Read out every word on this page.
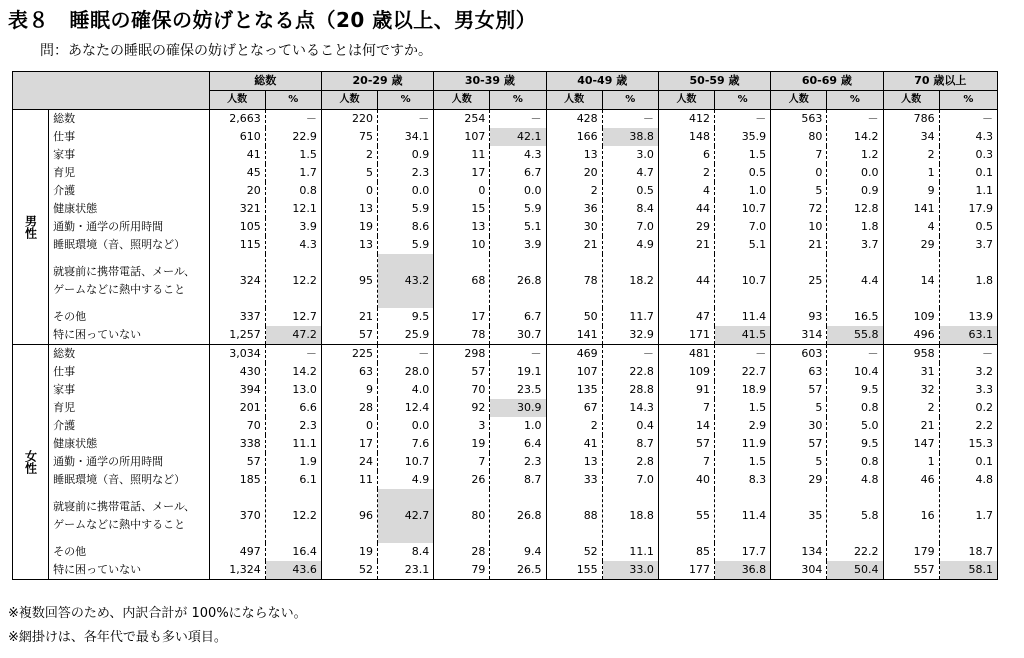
表８　睡眠の確保の妨げとなる点（20 歳以上、男女別）
問：あなたの睡眠の確保の妨げとなっていることは何ですか。
		総数		20-29 歳		30-39 歳		40-49 歳		50-59 歳		60-69 歳		70 歳以上	
		人数	%	人数	%	人数	%	人数	%	人数	%	人数	%	人数	%
男性	総数	2,663	－	220	－	254	－	428	－	412	－	563	－	786	－
	仕事	610	22.9	75	34.1	107	42.1	166	38.8	148	35.9	80	14.2	34	4.3
	家事	41	1.5	2	0.9	11	4.3	13	3.0	6	1.5	7	1.2	2	0.3
	育児	45	1.7	5	2.3	17	6.7	20	4.7	2	0.5	0	0.0	1	0.1
	介護	20	0.8	0	0.0	0	0.0	2	0.5	4	1.0	5	0.9	9	1.1
	健康状態	321	12.1	13	5.9	15	5.9	36	8.4	44	10.7	72	12.8	141	17.9
	通勤・通学の所用時間	105	3.9	19	8.6	13	5.1	30	7.0	29	7.0	10	1.8	4	0.5
	睡眠環境（音、照明など）	115	4.3	13	5.9	10	3.9	21	4.9	21	5.1	21	3.7	29	3.7
	就寝前に携帯電話、メール、ゲームなどに熱中すること	324	12.2	95	43.2	68	26.8	78	18.2	44	10.7	25	4.4	14	1.8
	その他	337	12.7	21	9.5	17	6.7	50	11.7	47	11.4	93	16.5	109	13.9
	特に困っていない	1,257	47.2	57	25.9	78	30.7	141	32.9	171	41.5	314	55.8	496	63.1
女性	総数	3,034	－	225	－	298	－	469	－	481	－	603	－	958	－
	仕事	430	14.2	63	28.0	57	19.1	107	22.8	109	22.7	63	10.4	31	3.2
	家事	394	13.0	9	4.0	70	23.5	135	28.8	91	18.9	57	9.5	32	3.3
	育児	201	6.6	28	12.4	92	30.9	67	14.3	7	1.5	5	0.8	2	0.2
	介護	70	2.3	0	0.0	3	1.0	2	0.4	14	2.9	30	5.0	21	2.2
	健康状態	338	11.1	17	7.6	19	6.4	41	8.7	57	11.9	57	9.5	147	15.3
	通勤・通学の所用時間	57	1.9	24	10.7	7	2.3	13	2.8	7	1.5	5	0.8	1	0.1
	睡眠環境（音、照明など）	185	6.1	11	4.9	26	8.7	33	7.0	40	8.3	29	4.8	46	4.8
	就寝前に携帯電話、メール、ゲームなどに熱中すること	370	12.2	96	42.7	80	26.8	88	18.8	55	11.4	35	5.8	16	1.7
	その他	497	16.4	19	8.4	28	9.4	52	11.1	85	17.7	134	22.2	179	18.7
	特に困っていない	1,324	43.6	52	23.1	79	26.5	155	33.0	177	36.8	304	50.4	557	58.1
※複数回答のため、内訳合計が 100%にならない。
※網掛けは、各年代で最も多い項目。
